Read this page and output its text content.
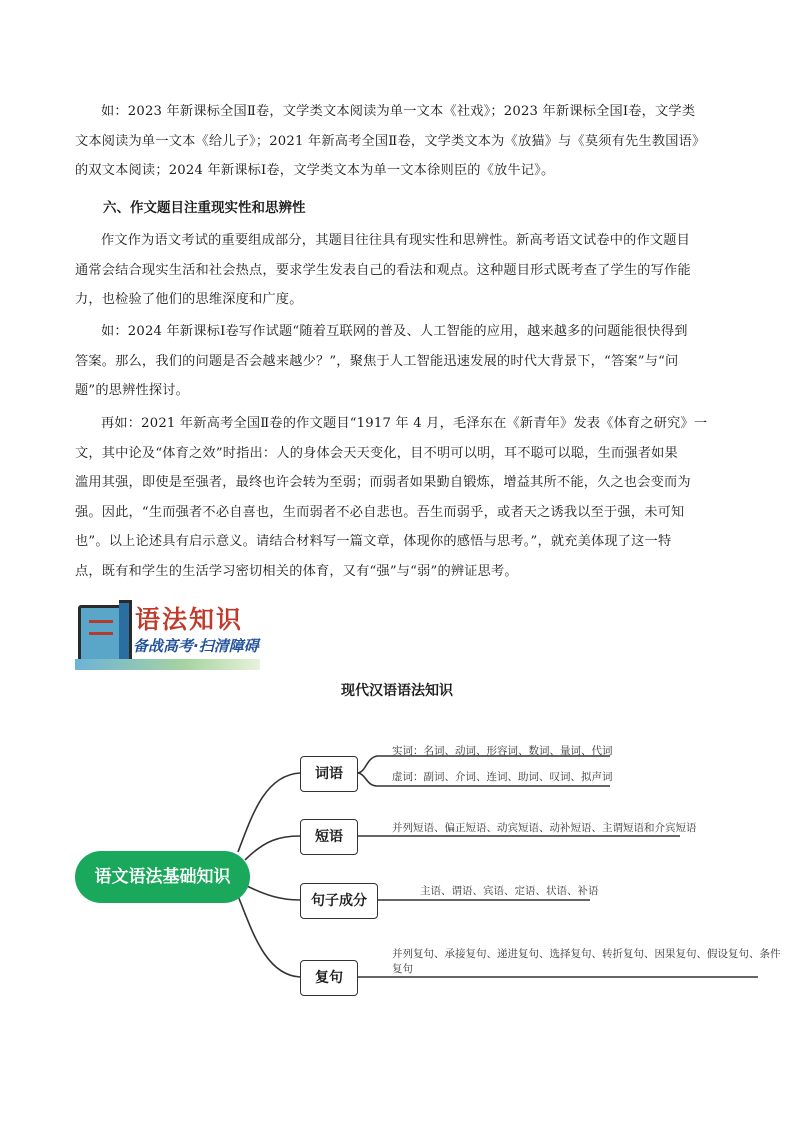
如：2023 年新课标全国Ⅱ卷，文学类文本阅读为单一文本《社戏》；2023 年新课标全国Ⅰ卷，文学类
文本阅读为单一文本《给儿子》；2021 年新高考全国Ⅱ卷，文学类文本为《放猫》与《莫须有先生教国语》
的双文本阅读；2024 年新课标Ⅰ卷，文学类文本为单一文本徐则臣的《放牛记》。
六、作文题目注重现实性和思辨性
作文作为语文考试的重要组成部分，其题目往往具有现实性和思辨性。新高考语文试卷中的作文题目
通常会结合现实生活和社会热点，要求学生发表自己的看法和观点。这种题目形式既考查了学生的写作能
力，也检验了他们的思维深度和广度。
如：2024 年新课标Ⅰ卷写作试题“随着互联网的普及、人工智能的应用，越来越多的问题能很快得到
答案。那么，我们的问题是否会越来越少？”，聚焦于人工智能迅速发展的时代大背景下，“答案”与“问
题”的思辨性探讨。
再如：2021 年新高考全国Ⅱ卷的作文题目“1917 年 4 月，毛泽东在《新青年》发表《体育之研究》一
文，其中论及“体育之效”时指出：人的身体会天天变化，目不明可以明，耳不聪可以聪，生而强者如果
滥用其强，即使是至强者，最终也许会转为至弱；而弱者如果勤自锻炼，增益其所不能，久之也会变而为
强。因此，“生而强者不必自喜也，生而弱者不必自悲也。吾生而弱乎，或者天之诱我以至于强，未可知
也”。以上论述具有启示意义。请结合材料写一篇文章，体现你的感悟与思考。”，就充美体现了这一特
点，既有和学生的生活学习密切相关的体育，又有“强”与“弱”的辨证思考。
语法知识
备战高考·扫清障碍
现代汉语语法知识
语文语法基础知识
词语
短语
句子成分
复句
实词：名词、动词、形容词、数词、量词、代词
虚词：副词、介词、连词、助词、叹词、拟声词
并列短语、偏正短语、动宾短语、动补短语、主谓短语和介宾短语
主语、谓语、宾语、定语、状语、补语
并列复句、承接复句、递进复句、选择复句、转折复句、因果复句、假设复句、条件
复句
